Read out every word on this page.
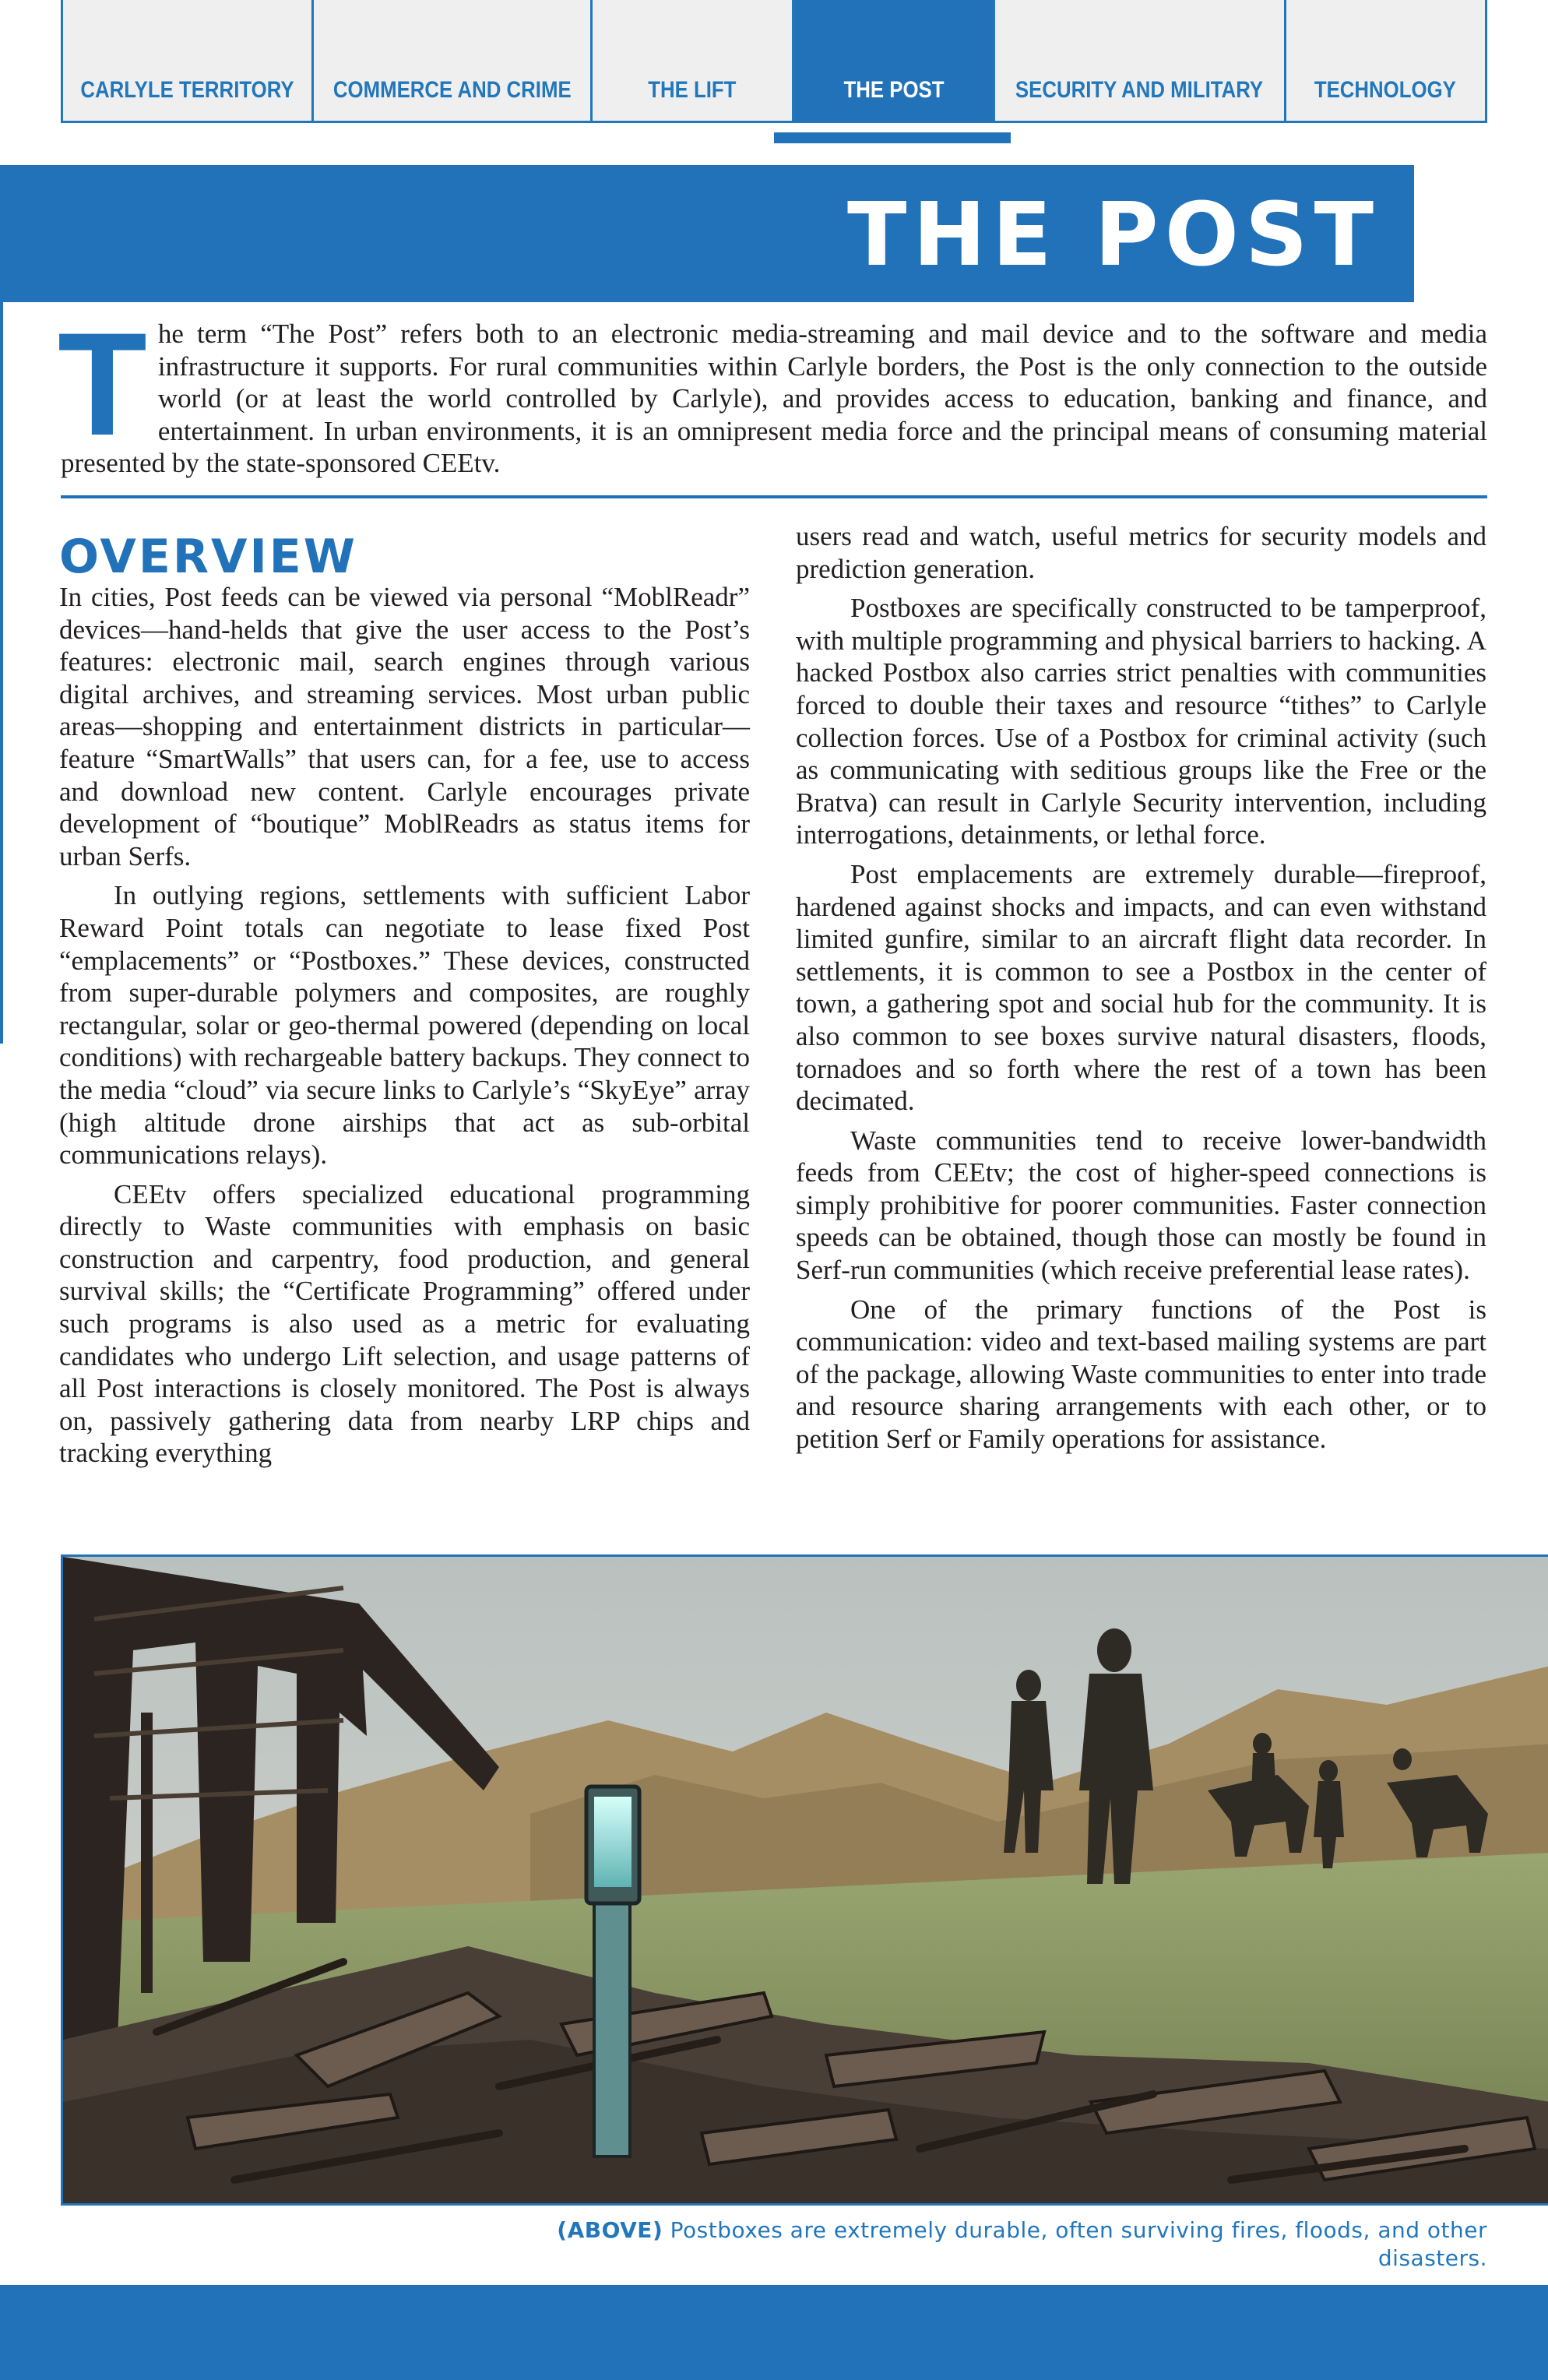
CARLYLE TERRITORY COMMERCE AND CRIME	THE LIFT	THE POST	SECURITY AND MILITARY TECHNOLOGY
THE POST
The term “The Post” refers both to an electronic media-streaming and mail device and to the software and media infrastructure it supports. For rural communities within Carlyle borders, the Post is the only connection to the outside world (or at least the world controlled by Carlyle), and provides access to education, banking and finance, and entertainment. In urban environments, it is an omnipresent media force and the principal means of consuming material presented by the state-sponsored CEEtv.
OVERVIEW

In cities, Post feeds can be viewed via personal “MoblReadr” devices—hand-helds that give the user access to the Post’s features: electronic mail, search engines through various digital archives, and streaming services. Most urban public areas—shopping and entertainment districts in particular—feature “SmartWalls” that users can, for a fee, use to access and download new content. Carlyle encourages private development of “boutique” MoblReadrs as status items for urban Serfs.

In outlying regions, settlements with sufficient Labor Reward Point totals can negotiate to lease fixed Post “emplacements” or “Postboxes.” These devices, constructed from super-durable polymers and composites, are roughly rectangular, solar or geo-thermal powered (depending on local conditions) with rechargeable battery backups. They connect to the media “cloud” via secure links to Carlyle’s “SkyEye” array (high altitude drone airships that act as sub-orbital communications relays).

CEEtv offers specialized educational programming directly to Waste communities with emphasis on basic construction and carpentry, food production, and general survival skills; the “Certificate Programming” offered under such programs is also used as a metric for evaluating candidates who undergo Lift selection, and usage patterns of all Post interactions is closely monitored. The Post is always on, passively gathering data from nearby LRP chips and tracking everything

users read and watch, useful metrics for security models and prediction generation.

Postboxes are specifically constructed to be tamperproof, with multiple programming and physical barriers to hacking. A hacked Postbox also carries strict penalties with communities forced to double their taxes and resource “tithes” to Carlyle collection forces. Use of a Postbox for criminal activity (such as communicating with seditious groups like the Free or the Bratva) can result in Carlyle Security intervention, including interrogations, detainments, or lethal force.

Post emplacements are extremely durable—fireproof, hardened against shocks and impacts, and can even withstand limited gunfire, similar to an aircraft flight data recorder. In settlements, it is common to see a Postbox in the center of town, a gathering spot and social hub for the community. It is also common to see boxes survive natural disasters, floods, tornadoes and so forth where the rest of a town has been decimated.

Waste communities tend to receive lower-bandwidth feeds from CEEtv; the cost of higher-speed connections is simply prohibitive for poorer communities. Faster connection speeds can be obtained, though those can mostly be found in Serf-run communities (which receive preferential lease rates).

One of the primary functions of the Post is communication: video and text-based mailing systems are part of the package, allowing Waste communities to enter into trade and resource sharing arrangements with each other, or to petition Serf or Family operations for assistance.

(ABOVE) Postboxes are extremely durable, often surviving fires, floods, and other disasters.
